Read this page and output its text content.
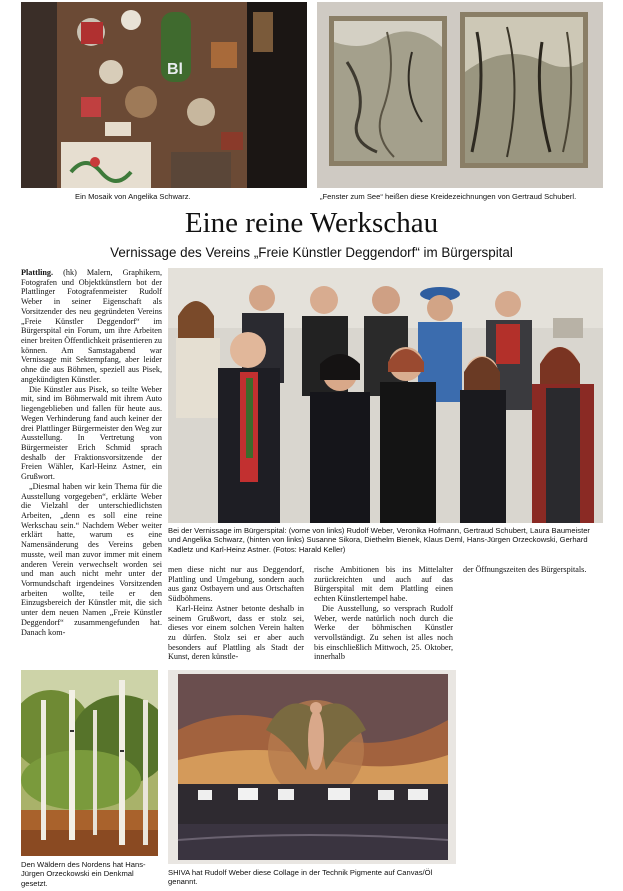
Bl
Ein Mosaik von Angelika Schwarz.	„Fenster zum See“ heißen diese Kreidezeichnungen von Gertraud Schuberl.
Eine reine Werkschau
Vernissage des Vereins „Freie Künstler Deggendorf“ im Bürgerspital

Plattling. (hk) Malern, Graphikern, Fotografen und Objektkünstlern bot der Plattlinger Fotografenmeister Rudolf Weber in seiner Eigenschaft als Vorsitzender des neu gegründeten Vereins „Freie Künstler Deggendorf“ im Bürgerspital ein Forum, um ihre Arbeiten einer breiten Öffentlichkeit präsentieren zu können. Am Samstagabend war Vernissage mit Sektempfang, aber leider ohne die aus Böhmen, speziell aus Pisek, angekündigten Künstler.

Die Künstler aus Pisek, so teilte Weber mit, sind im Böhmerwald mit ihrem Auto liegengeblieben und fallen für heute aus. Wegen Verhinderung fand auch keiner der drei Plattlinger Bürgermeister den Weg zur Ausstellung. In Vertretung von Bürgermeister Erich Schmid sprach deshalb der Fraktionsvorsitzende der Freien Wähler, Karl-Heinz Astner, ein Grußwort.

„Diesmal haben wir kein Thema für die Ausstellung vorgegeben“, erklärte Weber die Vielzahl der unterschiedlichsten Arbeiten, „denn es soll eine reine Werkschau sein.“ Nachdem Weber weiter erklärt hatte, warum es eine Namensänderung des Vereins geben musste, weil man zuvor immer mit einem anderen Verein verwechselt worden sei und man auch nicht mehr unter der Vormundschaft irgendeines Vorsitzenden arbeiten wollte, teile er den Einzugsbereich der Künstler mit, die sich unter dem neuen Namen „Freie Künstler Deggendorf“ zusammengefunden hat. Danach kom-

Bei der Vernissage im Bürgerspital: (vorne von links) Rudolf Weber, Veronika Hofmann, Gertraud Schubert, Laura Baumeister und Angelika Schwarz, (hinten von links) Susanne Sikora, Diethelm Bienek, Klaus Deml, Hans-Jürgen Orzeckowski, Gerhard Kadletz und Karl-Heinz Astner. (Fotos: Harald Keller)

men diese nicht nur aus Deggendorf, Plattling und Umgebung, sondern auch aus ganz Ostbayern und aus Ortschaften Südböhmens.

Karl-Heinz Astner betonte deshalb in seinem Grußwort, dass er stolz sei, dieses vor einem solchen Verein halten zu dürfen. Stolz sei er aber auch besonders auf Plattling als Stadt der Kunst, deren künstle-

rische Ambitionen bis ins Mittelalter zurückreichten und auch auf das Bürgerspital mit dem Plattling einen echten Künstlertempel habe.

Die Ausstellung, so versprach Rudolf Weber, werde natürlich noch durch die Werke der böhmischen Künstler vervollständigt. Zu sehen ist alles noch bis einschließlich Mittwoch, 25. Oktober, innerhalb

der Öffnungszeiten des Bürgerspitals.

Den Wäldern des Nordens hat Hans-Jürgen Orzeckowski ein Denkmal gesetzt.
SHIVA hat Rudolf Weber diese Collage in der Technik Pigmente auf Canvas/Öl genannt.
